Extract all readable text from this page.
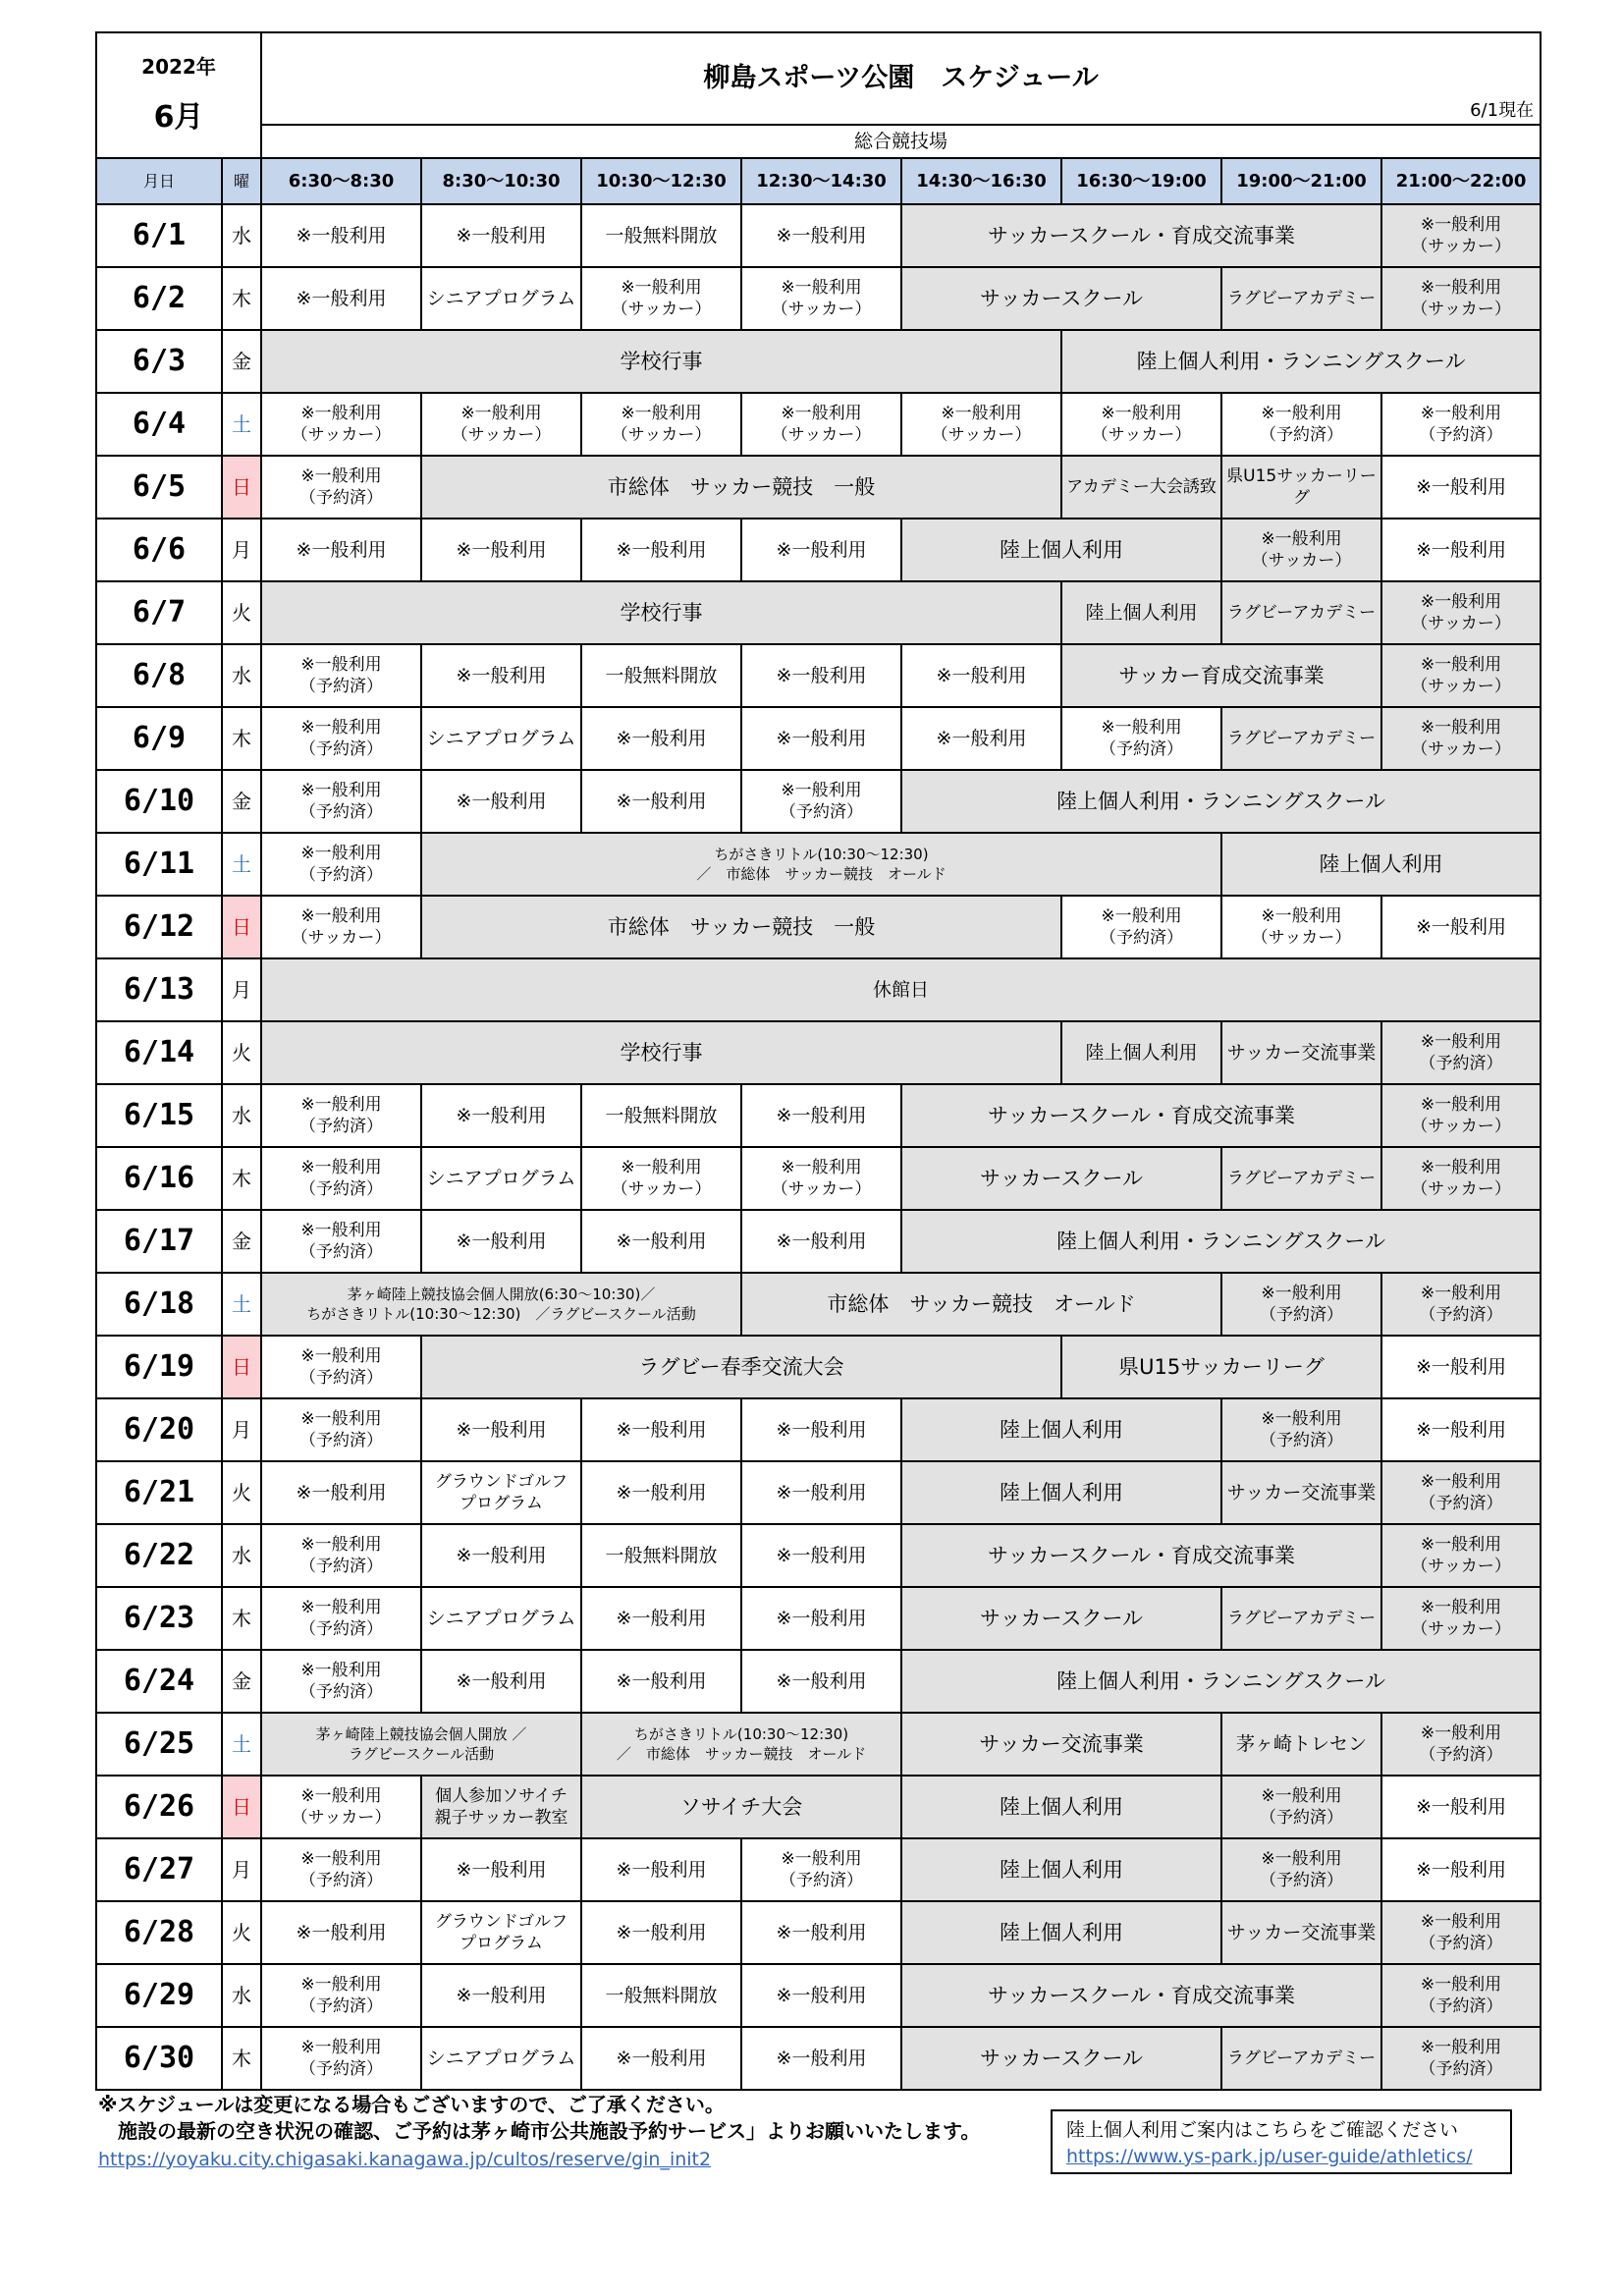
2022年

6月		柳島スポーツ公園　スケジュール

6/1現在							

		総合競技場							
月日	曜	6:30～8:30	8:30～10:30	10:30～12:30	12:30～14:30	14:30～16:30	16:30～19:00	19:00～21:00	21:00～22:00
6/1	水	※一般利用	※一般利用	一般無料開放	※一般利用	サッカースクール・育成交流事業			※一般利用
（サッカー）
6/2	木	※一般利用	シニアプログラム	※一般利用
（サッカー）	※一般利用
（サッカー）	サッカースクール		ラグビーアカデミー	※一般利用
（サッカー）
6/3	金	学校行事					陸上個人利用・ランニングスクール		
6/4	土	※一般利用
（サッカー）	※一般利用
（サッカー）	※一般利用
（サッカー）	※一般利用
（サッカー）	※一般利用
（サッカー）	※一般利用
（サッカー）	※一般利用
（予約済）	※一般利用
（予約済）
6/5	日	※一般利用
（予約済）	市総体　サッカー競技　一般				アカデミー大会誘致	県U15サッカーリーグ	※一般利用
6/6	月	※一般利用	※一般利用	※一般利用	※一般利用	陸上個人利用		※一般利用
（サッカー）	※一般利用
6/7	火	学校行事					陸上個人利用	ラグビーアカデミー	※一般利用
（サッカー）
6/8	水	※一般利用
（予約済）	※一般利用	一般無料開放	※一般利用	※一般利用	サッカー育成交流事業		※一般利用
（サッカー）
6/9	木	※一般利用
（予約済）	シニアプログラム	※一般利用	※一般利用	※一般利用	※一般利用
（予約済）	ラグビーアカデミー	※一般利用
（サッカー）
6/10	金	※一般利用
（予約済）	※一般利用	※一般利用	※一般利用
（予約済）	陸上個人利用・ランニングスクール			
6/11	土	※一般利用
（予約済）	ちがさきリトル(10:30～12:30)
／　市総体　サッカー競技　オールド					陸上個人利用	
6/12	日	※一般利用
（サッカー）	市総体　サッカー競技　一般				※一般利用
（予約済）	※一般利用
（サッカー）	※一般利用
6/13	月	休館日							
6/14	火	学校行事					陸上個人利用	サッカー交流事業	※一般利用
（予約済）
6/15	水	※一般利用
（予約済）	※一般利用	一般無料開放	※一般利用	サッカースクール・育成交流事業			※一般利用
（サッカー）
6/16	木	※一般利用
（予約済）	シニアプログラム	※一般利用
（サッカー）	※一般利用
（サッカー）	サッカースクール		ラグビーアカデミー	※一般利用
（サッカー）
6/17	金	※一般利用
（予約済）	※一般利用	※一般利用	※一般利用	陸上個人利用・ランニングスクール			
6/18	土	茅ヶ崎陸上競技協会個人開放(6:30～10:30)／
ちがさきリトル(10:30～12:30)　／ラグビースクール活動			市総体　サッカー競技　オールド			※一般利用
（予約済）	※一般利用
（予約済）
6/19	日	※一般利用
（予約済）	ラグビー春季交流大会				県U15サッカーリーグ		※一般利用
6/20	月	※一般利用
（予約済）	※一般利用	※一般利用	※一般利用	陸上個人利用		※一般利用
（予約済）	※一般利用
6/21	火	※一般利用	グラウンドゴルフ
プログラム	※一般利用	※一般利用	陸上個人利用		サッカー交流事業	※一般利用
（予約済）
6/22	水	※一般利用
（予約済）	※一般利用	一般無料開放	※一般利用	サッカースクール・育成交流事業			※一般利用
（サッカー）
6/23	木	※一般利用
（予約済）	シニアプログラム	※一般利用	※一般利用	サッカースクール		ラグビーアカデミー	※一般利用
（サッカー）
6/24	金	※一般利用
（予約済）	※一般利用	※一般利用	※一般利用	陸上個人利用・ランニングスクール			
6/25	土	茅ヶ崎陸上競技協会個人開放 ／
ラグビースクール活動		ちがさきリトル(10:30～12:30)
／　市総体　サッカー競技　オールド		サッカー交流事業		茅ヶ崎トレセン	※一般利用
（予約済）
6/26	日	※一般利用
（サッカー）	個人参加ソサイチ
親子サッカー教室	ソサイチ大会		陸上個人利用		※一般利用
（予約済）	※一般利用
6/27	月	※一般利用
（予約済）	※一般利用	※一般利用	※一般利用
（予約済）	陸上個人利用		※一般利用
（予約済）	※一般利用
6/28	火	※一般利用	グラウンドゴルフ
プログラム	※一般利用	※一般利用	陸上個人利用		サッカー交流事業	※一般利用
（予約済）
6/29	水	※一般利用
（予約済）	※一般利用	一般無料開放	※一般利用	サッカースクール・育成交流事業			※一般利用
（予約済）
6/30	木	※一般利用
（予約済）	シニアプログラム	※一般利用	※一般利用	サッカースクール		ラグビーアカデミー	※一般利用
（予約済）
※スケジュールは変更になる場合もございますので、ご了承ください。
　施設の最新の空き状況の確認、ご予約は茅ヶ崎市公共施設予約サービス」よりお願いいたします。
https://yoyaku.city.chigasaki.kanagawa.jp/cultos/reserve/gin_init2
陸上個人利用ご案内はこちらをご確認ください
https://www.ys-park.jp/user-guide/athletics/
